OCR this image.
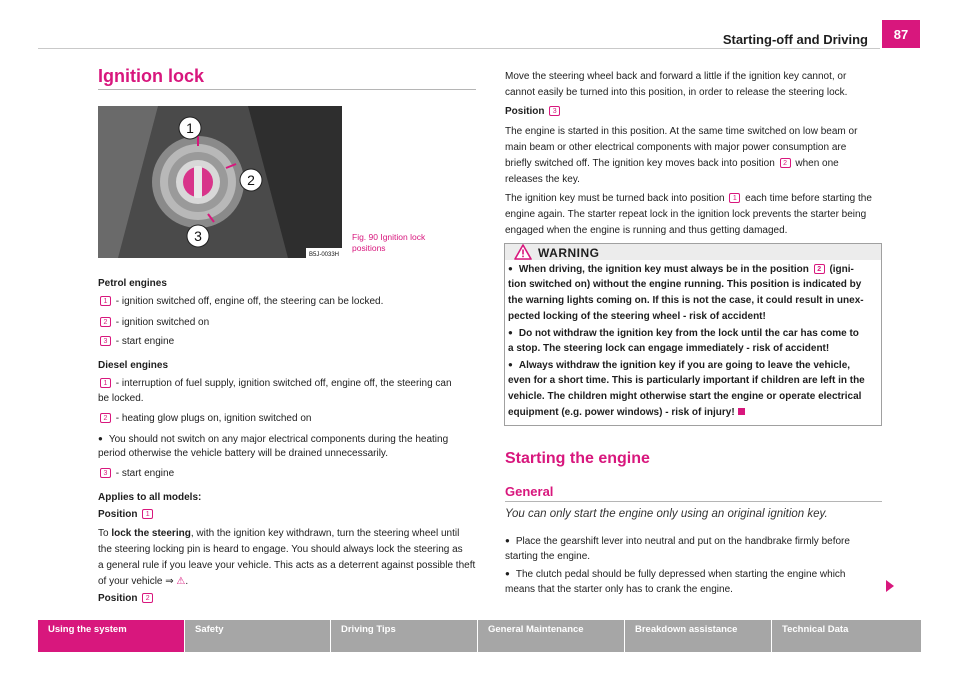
Starting-off and Driving	87
Ignition lock
1
2
3
B5J-0033H
Fig. 90 Ignition lock
positions
Petrol engines
1 - ignition switched off, engine off, the steering can be locked.
2 - ignition switched on
3 - start engine
Diesel engines
1 - interruption of fuel supply, ignition switched off, engine off, the steering can
be locked.
2 - heating glow plugs on, ignition switched on
● You should not switch on any major electrical components during the heating
period otherwise the vehicle battery will be drained unnecessarily.
3 - start engine
Applies to all models:
Position 1
To lock the steering, with the ignition key withdrawn, turn the steering wheel until
the steering locking pin is heard to engage. You should always lock the steering as
a general rule if you leave your vehicle. This acts as a deterrent against possible theft
of your vehicle ⇒ ⚠.
Position 2
Move the steering wheel back and forward a little if the ignition key cannot, or
cannot easily be turned into this position, in order to release the steering lock.
Position 3
The engine is started in this position. At the same time switched on low beam or
main beam or other electrical components with major power consumption are
briefly switched off. The ignition key moves back into position 2 when one
releases the key.
The ignition key must be turned back into position 1 each time before starting the
engine again. The starter repeat lock in the ignition lock prevents the starter being
engaged when the engine is running and thus getting damaged.
WARNING
● When driving, the ignition key must always be in the position 2 (igni-
tion switched on) without the engine running. This position is indicated by
the warning lights coming on. If this is not the case, it could result in unex-
pected locking of the steering wheel - risk of accident!
● Do not withdraw the ignition key from the lock until the car has come to
a stop. The steering lock can engage immediately - risk of accident!
● Always withdraw the ignition key if you are going to leave the vehicle,
even for a short time. This is particularly important if children are left in the
vehicle. The children might otherwise start the engine or operate electrical
equipment (e.g. power windows) - risk of injury!
Starting the engine
General
You can only start the engine only using an original ignition key.
● Place the gearshift lever into neutral and put on the handbrake firmly before
starting the engine.
● The clutch pedal should be fully depressed when starting the engine which
means that the starter only has to crank the engine.
Using the system	Safety	Driving Tips	General Maintenance	Breakdown assistance	Technical Data
